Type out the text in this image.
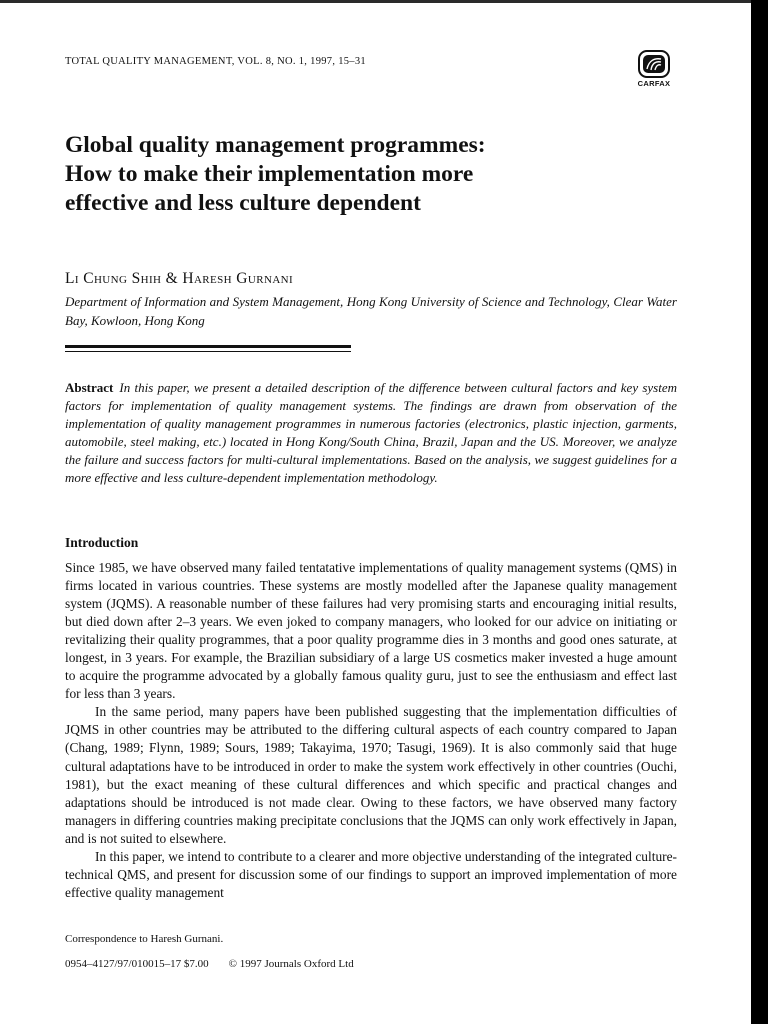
TOTAL QUALITY MANAGEMENT, VOL. 8, NO. 1, 1997, 15–31
CARFAX
Global quality management programmes:
How to make their implementation more
effective and less culture dependent
Li Chung Shih & Haresh Gurnani
Department of Information and System Management, Hong Kong University of Science and Technology, Clear Water Bay, Kowloon, Hong Kong
Abstract In this paper, we present a detailed description of the difference between cultural factors and key system factors for implementation of quality management systems. The findings are drawn from observation of the implementation of quality management programmes in numerous factories (electronics, plastic injection, garments, automobile, steel making, etc.) located in Hong Kong/South China, Brazil, Japan and the US. Moreover, we analyze the failure and success factors for multi-cultural implementations. Based on the analysis, we suggest guidelines for a more effective and less culture-dependent implementation methodology.
Introduction

Since 1985, we have observed many failed tentatative implementations of quality management systems (QMS) in firms located in various countries. These systems are mostly modelled after the Japanese quality management system (JQMS). A reasonable number of these failures had very promising starts and encouraging initial results, but died down after 2–3 years. We even joked to company managers, who looked for our advice on initiating or revitalizing their quality programmes, that a poor quality programme dies in 3 months and good ones saturate, at longest, in 3 years. For example, the Brazilian subsidiary of a large US cosmetics maker invested a huge amount to acquire the programme advocated by a globally famous quality guru, just to see the enthusiasm and effect last for less than 3 years.

In the same period, many papers have been published suggesting that the implementation difficulties of JQMS in other countries may be attributed to the differing cultural aspects of each country compared to Japan (Chang, 1989; Flynn, 1989; Sours, 1989; Takayima, 1970; Tasugi, 1969). It is also commonly said that huge cultural adaptations have to be introduced in order to make the system work effectively in other countries (Ouchi, 1981), but the exact meaning of these cultural differences and which specific and practical changes and adaptations should be introduced is not made clear. Owing to these factors, we have observed many factory managers in differing countries making precipitate conclusions that the JQMS can only work effectively in Japan, and is not suited to elsewhere.

In this paper, we intend to contribute to a clearer and more objective understanding of the integrated culture-technical QMS, and present for discussion some of our findings to support an improved implementation of more effective quality management

Correspondence to Haresh Gurnani.
0954–4127/97/010015–17 $7.00 © 1997 Journals Oxford Ltd
